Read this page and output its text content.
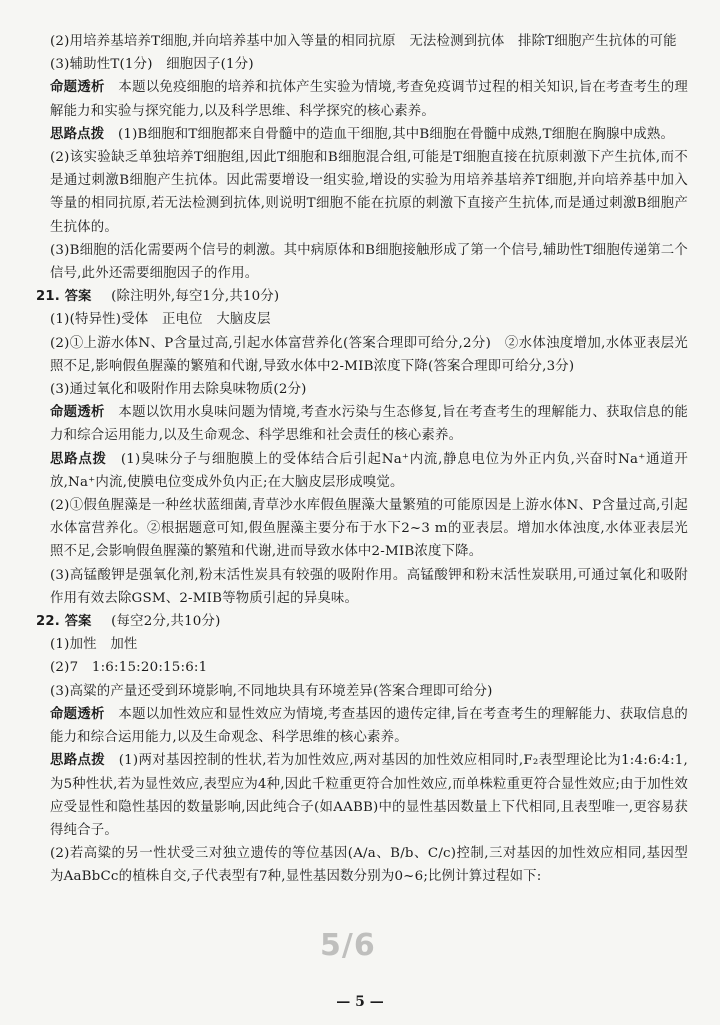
(2)用培养基培养T细胞,并向培养基中加入等量的相同抗原　无法检测到抗体　排除T细胞产生抗体的可能

(3)辅助性T(1分)　细胞因子(1分)

命题透析　 本题以免疫细胞的培养和抗体产生实验为情境,考查免疫调节过程的相关知识,旨在考查考生的理解能力和实验与探究能力,以及科学思维、科学探究的核心素养。

思路点拨　 (1)B细胞和T细胞都来自骨髓中的造血干细胞,其中B细胞在骨髓中成熟,T细胞在胸腺中成熟。

(2)该实验缺乏单独培养T细胞组,因此T细胞和B细胞混合组,可能是T细胞直接在抗原刺激下产生抗体,而不是通过刺激B细胞产生抗体。因此需要增设一组实验,增设的实验为用培养基培养T细胞,并向培养基中加入等量的相同抗原,若无法检测到抗体,则说明T细胞不能在抗原的刺激下直接产生抗体,而是通过刺激B细胞产生抗体的。

(3)B细胞的活化需要两个信号的刺激。其中病原体和B细胞接触形成了第一个信号,辅助性T细胞传递第二个信号,此外还需要细胞因子的作用。

21. 答案　 (除注明外,每空1分,共10分)

(1)(特异性)受体　正电位　大脑皮层

(2)①上游水体N、P含量过高,引起水体富营养化(答案合理即可给分,2分)　②水体浊度增加,水体亚表层光照不足,影响假鱼腥藻的繁殖和代谢,导致水体中2-MIB浓度下降(答案合理即可给分,3分)

(3)通过氧化和吸附作用去除臭味物质(2分)

命题透析　 本题以饮用水臭味问题为情境,考查水污染与生态修复,旨在考查考生的理解能力、获取信息的能力和综合运用能力,以及生命观念、科学思维和社会责任的核心素养。

思路点拨　 (1)臭味分子与细胞膜上的受体结合后引起Na⁺内流,静息电位为外正内负,兴奋时Na⁺通道开放,Na⁺内流,使膜电位变成外负内正;在大脑皮层形成嗅觉。

(2)①假鱼腥藻是一种丝状蓝细菌,青草沙水库假鱼腥藻大量繁殖的可能原因是上游水体N、P含量过高,引起水体富营养化。②根据题意可知,假鱼腥藻主要分布于水下2~3 m的亚表层。增加水体浊度,水体亚表层光照不足,会影响假鱼腥藻的繁殖和代谢,进而导致水体中2-MIB浓度下降。

(3)高锰酸钾是强氧化剂,粉末活性炭具有较强的吸附作用。高锰酸钾和粉末活性炭联用,可通过氧化和吸附作用有效去除GSM、2-MIB等物质引起的异臭味。

22. 答案　 (每空2分,共10分)

(1)加性　加性

(2)7　1:6:15:20:15:6:1

(3)高粱的产量还受到环境影响,不同地块具有环境差异(答案合理即可给分)

命题透析　 本题以加性效应和显性效应为情境,考查基因的遗传定律,旨在考查考生的理解能力、获取信息的能力和综合运用能力,以及生命观念、科学思维的核心素养。

思路点拨　 (1)两对基因控制的性状,若为加性效应,两对基因的加性效应相同时,F₂表型理论比为1:4:6:4:1,为5种性状,若为显性效应,表型应为4种,因此千粒重更符合加性效应,而单株粒重更符合显性效应;由于加性效应受显性和隐性基因的数量影响,因此纯合子(如AABB)中的显性基因数量上下代相同,且表型唯一,更容易获得纯合子。

(2)若高粱的另一性状受三对独立遗传的等位基因(A/a、B/b、C/c)控制,三对基因的加性效应相同,基因型为AaBbCc的植株自交,子代表型有7种,显性基因数分别为0~6;比例计算过程如下:

5/6
— 5 —
